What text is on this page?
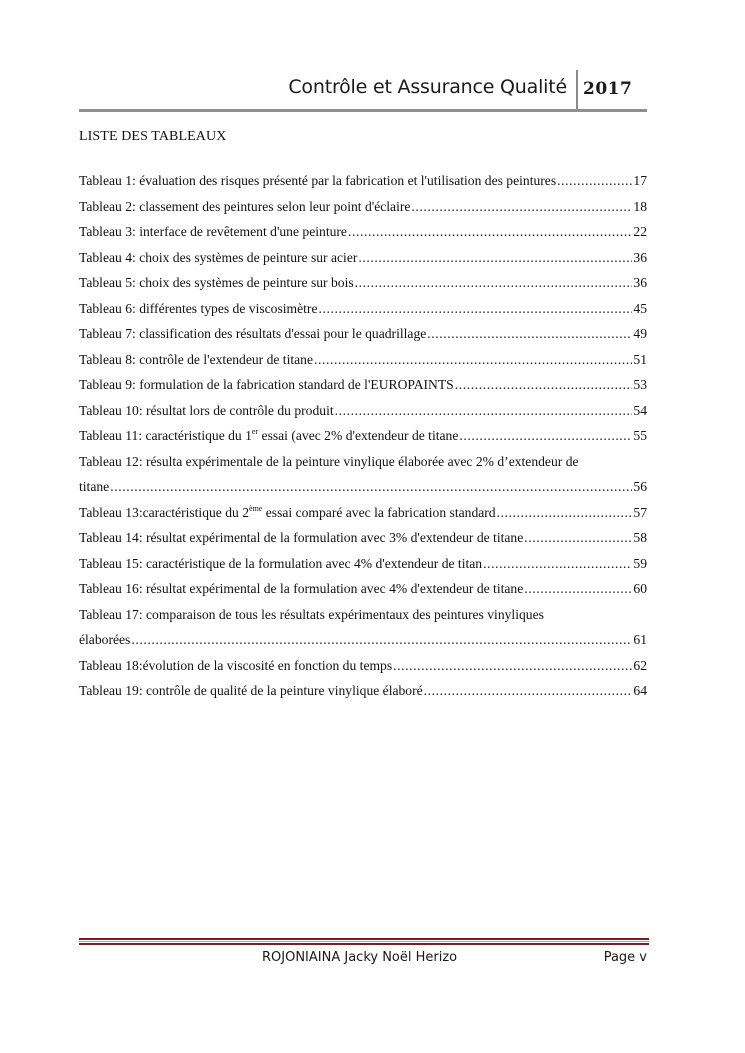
Contrôle et Assurance Qualité 2017
LISTE DES TABLEAUX
Tableau 1: évaluation des risques présenté par la fabrication et l'utilisation des peintures .....	17
Tableau 2: classement des peintures selon leur point d'éclaire .....	18
Tableau 3: interface de revêtement d'une peinture .....	22
Tableau 4: choix des systèmes de peinture sur acier .....	36
Tableau 5: choix des systèmes de peinture sur bois .....	36
Tableau 6: différentes types de viscosimètre .....	45
Tableau 7: classification des résultats d'essai pour le quadrillage .....	49
Tableau 8: contrôle de l'extendeur de titane .....	51
Tableau 9: formulation de la fabrication standard de l'EUROPAINTS .....	53
Tableau 10: résultat lors de contrôle du produit .....	54
Tableau 11: caractéristique du 1er essai (avec 2% d'extendeur de titane .....	55
Tableau 12: résulta expérimentale de la peinture vinylique élaborée avec 2% d’extendeur de
titane .....	56
Tableau 13:caractéristique du 2ème essai comparé avec la fabrication standard .....	57
Tableau 14: résultat expérimental de la formulation avec 3% d'extendeur de titane .....	58
Tableau 15: caractéristique de la formulation avec 4% d'extendeur de titan .....	59
Tableau 16: résultat expérimental de la formulation avec 4% d'extendeur de titane .....	60
Tableau 17: comparaison de tous les résultats expérimentaux des peintures vinyliques
élaborées .....	61
Tableau 18:évolution de la viscosité en fonction du temps .....	62
Tableau 19: contrôle de qualité de la peinture vinylique élaboré .....	64
ROJONIAINA Jacky Noël Herizo	Page v
